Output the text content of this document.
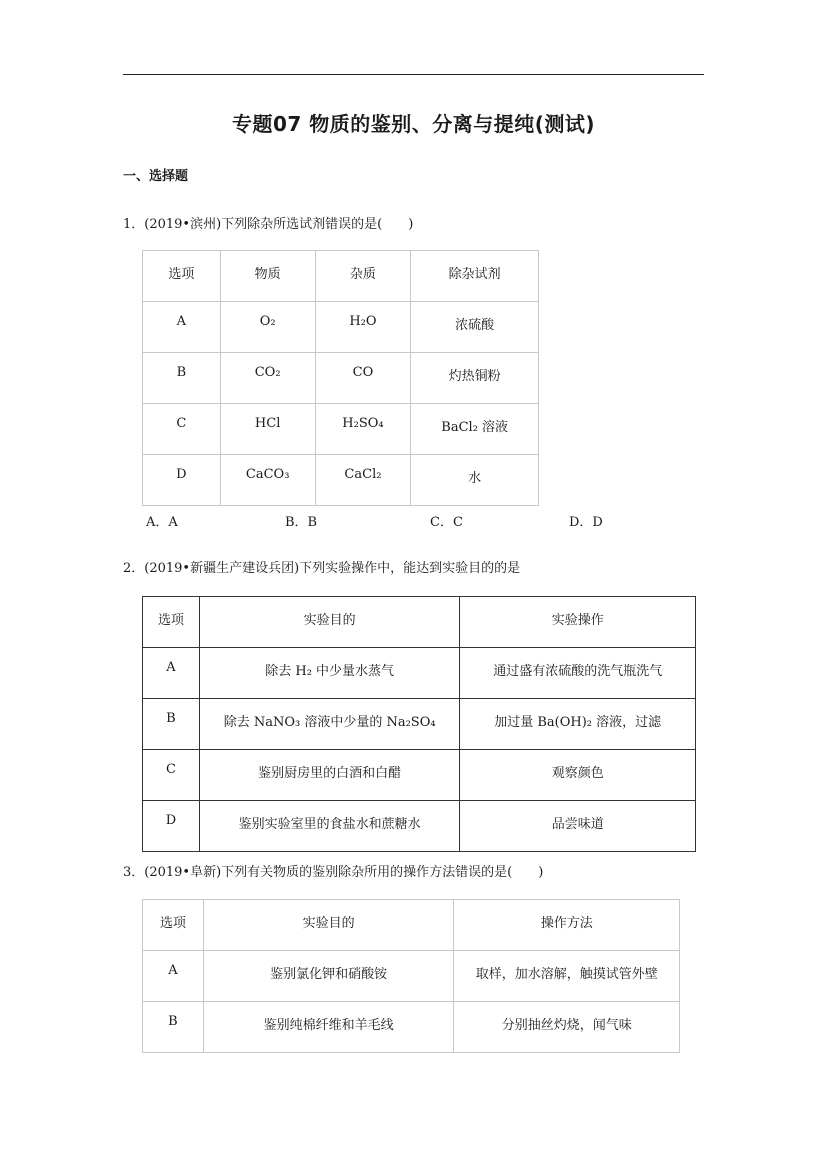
专题07 物质的鉴别、分离与提纯(测试)
一、选择题
1．(2019•滨州)下列除杂所选试剂错误的是(　　)
选项	物质	杂质	除杂试剂
A	O₂	H₂O	浓硫酸
B	CO₂	CO	灼热铜粉
C	HCl	H₂SO₄	BaCl₂ 溶液
D	CaCO₃	CaCl₂	水
A．A	B．B	C．C	D．D
2．(2019•新疆生产建设兵团)下列实验操作中，能达到实验目的的是
选项	实验目的	实验操作
A	除去 H₂ 中少量水蒸气	通过盛有浓硫酸的洗气瓶洗气
B	除去 NaNO₃ 溶液中少量的 Na₂SO₄	加过量 Ba(OH)₂ 溶液，过滤
C	鉴别厨房里的白酒和白醋	观察颜色
D	鉴别实验室里的食盐水和蔗糖水	品尝味道
3．(2019•阜新)下列有关物质的鉴别除杂所用的操作方法错误的是(　　)
选项	实验目的	操作方法
A	鉴别氯化钾和硝酸铵	取样，加水溶解，触摸试管外壁
B	鉴别纯棉纤维和羊毛线	分别抽丝灼烧，闻气味
